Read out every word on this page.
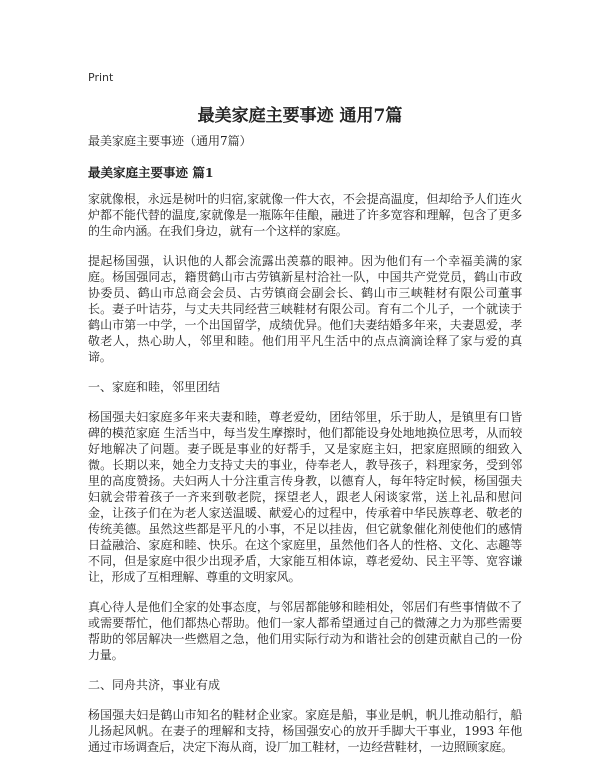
Print
最美家庭主要事迹 通用7篇
最美家庭主要事迹（通用7篇）
最美家庭主要事迹 篇1

家就像根，永远是树叶的归宿,家就像一件大衣，不会提高温度，但却给予人们连火炉都不能代替的温度,家就像是一瓶陈年佳酿，融进了许多宽容和理解，包含了更多的生命内涵。在我们身边，就有一个这样的家庭。

提起杨国强，认识他的人都会流露出羡慕的眼神。因为他们有一个幸福美满的家庭。杨国强同志，籍贯鹤山市古劳镇新星村洽社一队，中国共产党党员，鹤山市政协委员、鹤山市总商会会员、古劳镇商会副会长、鹤山市三峡鞋材有限公司董事长。妻子叶诘芬，与丈夫共同经营三峡鞋材有限公司。育有二个儿子，一个就读于鹤山市第一中学，一个出国留学，成绩优异。他们夫妻结婚多年来，夫妻恩爱，孝敬老人，热心助人，邻里和睦。他们用平凡生活中的点点滴滴诠释了家与爱的真谛。

一、家庭和睦，邻里团结

杨国强夫妇家庭多年来夫妻和睦，尊老爱幼，团结邻里，乐于助人，是镇里有口皆碑的模范家庭 生活当中，每当发生摩擦时，他们都能设身处地地换位思考，从而较好地解决了问题。妻子既是事业的好帮手，又是家庭主妇，把家庭照顾的细致入微。长期以来，她全力支持丈夫的事业，侍奉老人，教导孩子，料理家务，受到邻里的高度赞扬。夫妇两人十分注重言传身教，以德育人，每年特定时候，杨国强夫妇就会带着孩子一齐来到敬老院，探望老人，跟老人闲谈家常，送上礼品和慰问金，让孩子们在为老人家送温暖、献爱心的过程中，传承着中华民族尊老、敬老的传统美德。虽然这些都是平凡的小事，不足以挂齿，但它就象催化剂使他们的感情日益融洽、家庭和睦、快乐。在这个家庭里，虽然他们各人的性格、文化、志趣等不同，但是家庭中很少出现矛盾，大家能互相体谅，尊老爱幼、民主平等、宽容谦让，形成了互相理解、尊重的文明家风。

真心待人是他们全家的处事态度，与邻居都能够和睦相处，邻居们有些事情做不了或需要帮忙，他们都热心帮助。他们一家人都希望通过自己的微薄之力为那些需要帮助的邻居解决一些燃眉之急，他们用实际行动为和谐社会的创建贡献自己的一份力量。

二、同舟共济，事业有成

杨国强夫妇是鹤山市知名的鞋材企业家。家庭是船，事业是帆，帆儿推动船行，船儿扬起风帆。在妻子的理解和支持，杨国强安心的放开手脚大干事业，1993 年他通过市场调查后，决定下海从商，设厂加工鞋材，一边经营鞋材，一边照顾家庭。
